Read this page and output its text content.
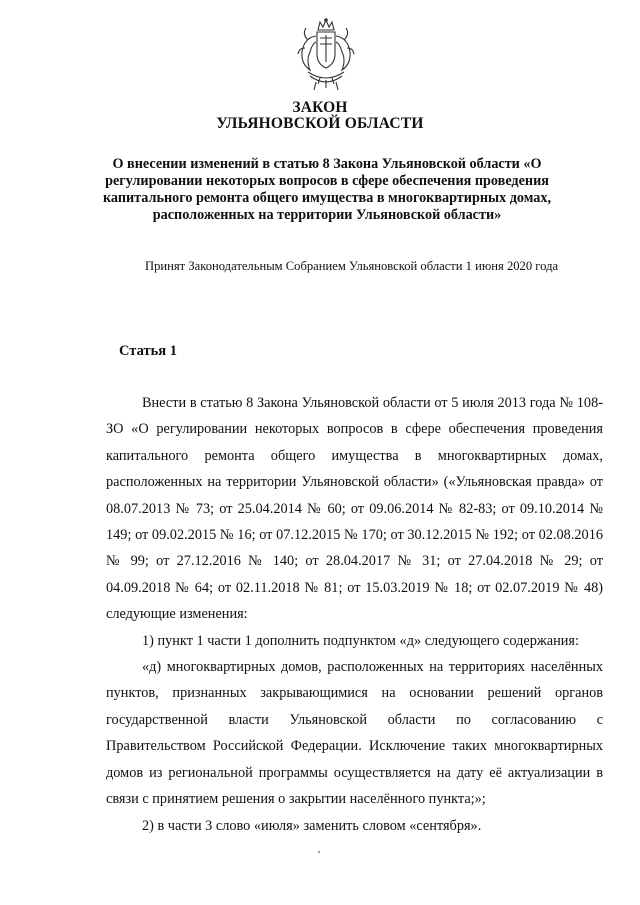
ЗАКОН
УЛЬЯНОВСКОЙ ОБЛАСТИ
О внесении изменений в статью 8 Закона Ульяновской области «О регулировании некоторых вопросов в сфере обеспечения проведения капитального ремонта общего имущества в многоквартирных домах, расположенных на территории Ульяновской области»
Принят Законодательным Собранием Ульяновской области 1 июня 2020 года
Статья 1

Внести в статью 8 Закона Ульяновской области от 5 июля 2013 года № 108-ЗО «О регулировании некоторых вопросов в сфере обеспечения проведения капитального ремонта общего имущества в многоквартирных домах, расположенных на территории Ульяновской области» («Ульяновская правда» от 08.07.2013 № 73; от 25.04.2014 № 60; от 09.06.2014 № 82-83; от 09.10.2014 № 149; от 09.02.2015 № 16; от 07.12.2015 № 170; от 30.12.2015 № 192; от 02.08.2016 № 99; от 27.12.2016 № 140; от 28.04.2017 № 31; от 27.04.2018 № 29; от 04.09.2018 № 64; от 02.11.2018 № 81; от 15.03.2019 № 18; от 02.07.2019 № 48) следующие изменения:

1) пункт 1 части 1 дополнить подпунктом «д» следующего содержания:

«д) многоквартирных домов, расположенных на территориях населённых пунктов, признанных закрывающимися на основании решений органов государственной власти Ульяновской области по согласованию с Правительством Российской Федерации. Исключение таких многоквартирных домов из региональной программы осуществляется на дату её актуализации в связи с принятием решения о закрытии населённого пункта;»;

2) в части 3 слово «июля» заменить словом «сентября».
